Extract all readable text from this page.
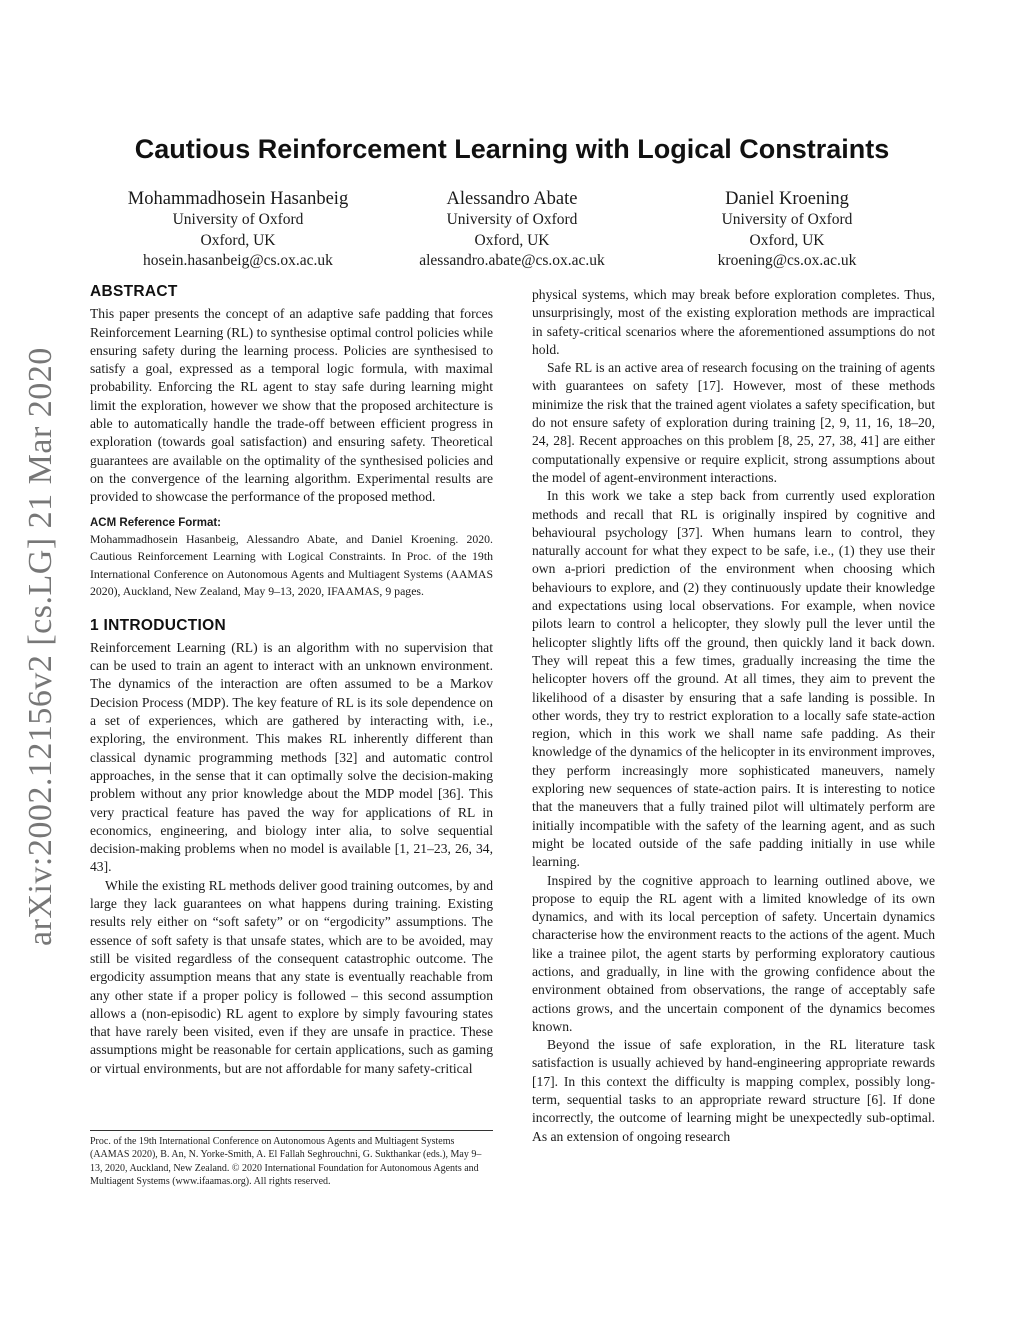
arXiv:2002.12156v2 [cs.LG] 21 Mar 2020
Cautious Reinforcement Learning with Logical Constraints
Mohammadhosein Hasanbeig
University of Oxford
Oxford, UK
hosein.hasanbeig@cs.ox.ac.uk
Alessandro Abate
University of Oxford
Oxford, UK
alessandro.abate@cs.ox.ac.uk
Daniel Kroening
University of Oxford
Oxford, UK
kroening@cs.ox.ac.uk
ABSTRACT

This paper presents the concept of an adaptive safe padding that forces Reinforcement Learning (RL) to synthesise optimal control policies while ensuring safety during the learning process. Policies are synthesised to satisfy a goal, expressed as a temporal logic formula, with maximal probability. Enforcing the RL agent to stay safe during learning might limit the exploration, however we show that the proposed architecture is able to automatically handle the trade-off between efficient progress in exploration (towards goal satisfaction) and ensuring safety. Theoretical guarantees are available on the optimality of the synthesised policies and on the convergence of the learning algorithm. Experimental results are provided to showcase the performance of the proposed method.

ACM Reference Format:

Mohammadhosein Hasanbeig, Alessandro Abate, and Daniel Kroening. 2020. Cautious Reinforcement Learning with Logical Constraints. In Proc. of the 19th International Conference on Autonomous Agents and Multiagent Systems (AAMAS 2020), Auckland, New Zealand, May 9–13, 2020, IFAAMAS, 9 pages.

1 INTRODUCTION

Reinforcement Learning (RL) is an algorithm with no supervision that can be used to train an agent to interact with an unknown environment. The dynamics of the interaction are often assumed to be a Markov Decision Process (MDP). The key feature of RL is its sole dependence on a set of experiences, which are gathered by interacting with, i.e., exploring, the environment. This makes RL inherently different than classical dynamic programming methods [32] and automatic control approaches, in the sense that it can optimally solve the decision-making problem without any prior knowledge about the MDP model [36]. This very practical feature has paved the way for applications of RL in economics, engineering, and biology inter alia, to solve sequential decision-making problems when no model is available [1, 21–23, 26, 34, 43].

While the existing RL methods deliver good training outcomes, by and large they lack guarantees on what happens during training. Existing results rely either on “soft safety” or on “ergodicity” assumptions. The essence of soft safety is that unsafe states, which are to be avoided, may still be visited regardless of the consequent catastrophic outcome. The ergodicity assumption means that any state is eventually reachable from any other state if a proper policy is followed – this second assumption allows a (non-episodic) RL agent to explore by simply favouring states that have rarely been visited, even if they are unsafe in practice. These assumptions might be reasonable for certain applications, such as gaming or virtual environments, but are not affordable for many safety-critical

physical systems, which may break before exploration completes. Thus, unsurprisingly, most of the existing exploration methods are impractical in safety-critical scenarios where the aforementioned assumptions do not hold.

Safe RL is an active area of research focusing on the training of agents with guarantees on safety [17]. However, most of these methods minimize the risk that the trained agent violates a safety specification, but do not ensure safety of exploration during training [2, 9, 11, 16, 18–20, 24, 28]. Recent approaches on this problem [8, 25, 27, 38, 41] are either computationally expensive or require explicit, strong assumptions about the model of agent-environment interactions.

In this work we take a step back from currently used exploration methods and recall that RL is originally inspired by cognitive and behavioural psychology [37]. When humans learn to control, they naturally account for what they expect to be safe, i.e., (1) they use their own a-priori prediction of the environment when choosing which behaviours to explore, and (2) they continuously update their knowledge and expectations using local observations. For example, when novice pilots learn to control a helicopter, they slowly pull the lever until the helicopter slightly lifts off the ground, then quickly land it back down. They will repeat this a few times, gradually increasing the time the helicopter hovers off the ground. At all times, they aim to prevent the likelihood of a disaster by ensuring that a safe landing is possible. In other words, they try to restrict exploration to a locally safe state-action region, which in this work we shall name safe padding. As their knowledge of the dynamics of the helicopter in its environment improves, they perform increasingly more sophisticated maneuvers, namely exploring new sequences of state-action pairs. It is interesting to notice that the maneuvers that a fully trained pilot will ultimately perform are initially incompatible with the safety of the learning agent, and as such might be located outside of the safe padding initially in use while learning.

Inspired by the cognitive approach to learning outlined above, we propose to equip the RL agent with a limited knowledge of its own dynamics, and with its local perception of safety. Uncertain dynamics characterise how the environment reacts to the actions of the agent. Much like a trainee pilot, the agent starts by performing exploratory cautious actions, and gradually, in line with the growing confidence about the environment obtained from observations, the range of acceptably safe actions grows, and the uncertain component of the dynamics becomes known.

Beyond the issue of safe exploration, in the RL literature task satisfaction is usually achieved by hand-engineering appropriate rewards [17]. In this context the difficulty is mapping complex, possibly long-term, sequential tasks to an appropriate reward structure [6]. If done incorrectly, the outcome of learning might be unexpectedly sub-optimal. As an extension of ongoing research

Proc. of the 19th International Conference on Autonomous Agents and Multiagent Systems (AAMAS 2020), B. An, N. Yorke-Smith, A. El Fallah Seghrouchni, G. Sukthankar (eds.), May 9–13, 2020, Auckland, New Zealand. © 2020 International Foundation for Autonomous Agents and Multiagent Systems (www.ifaamas.org). All rights reserved.
